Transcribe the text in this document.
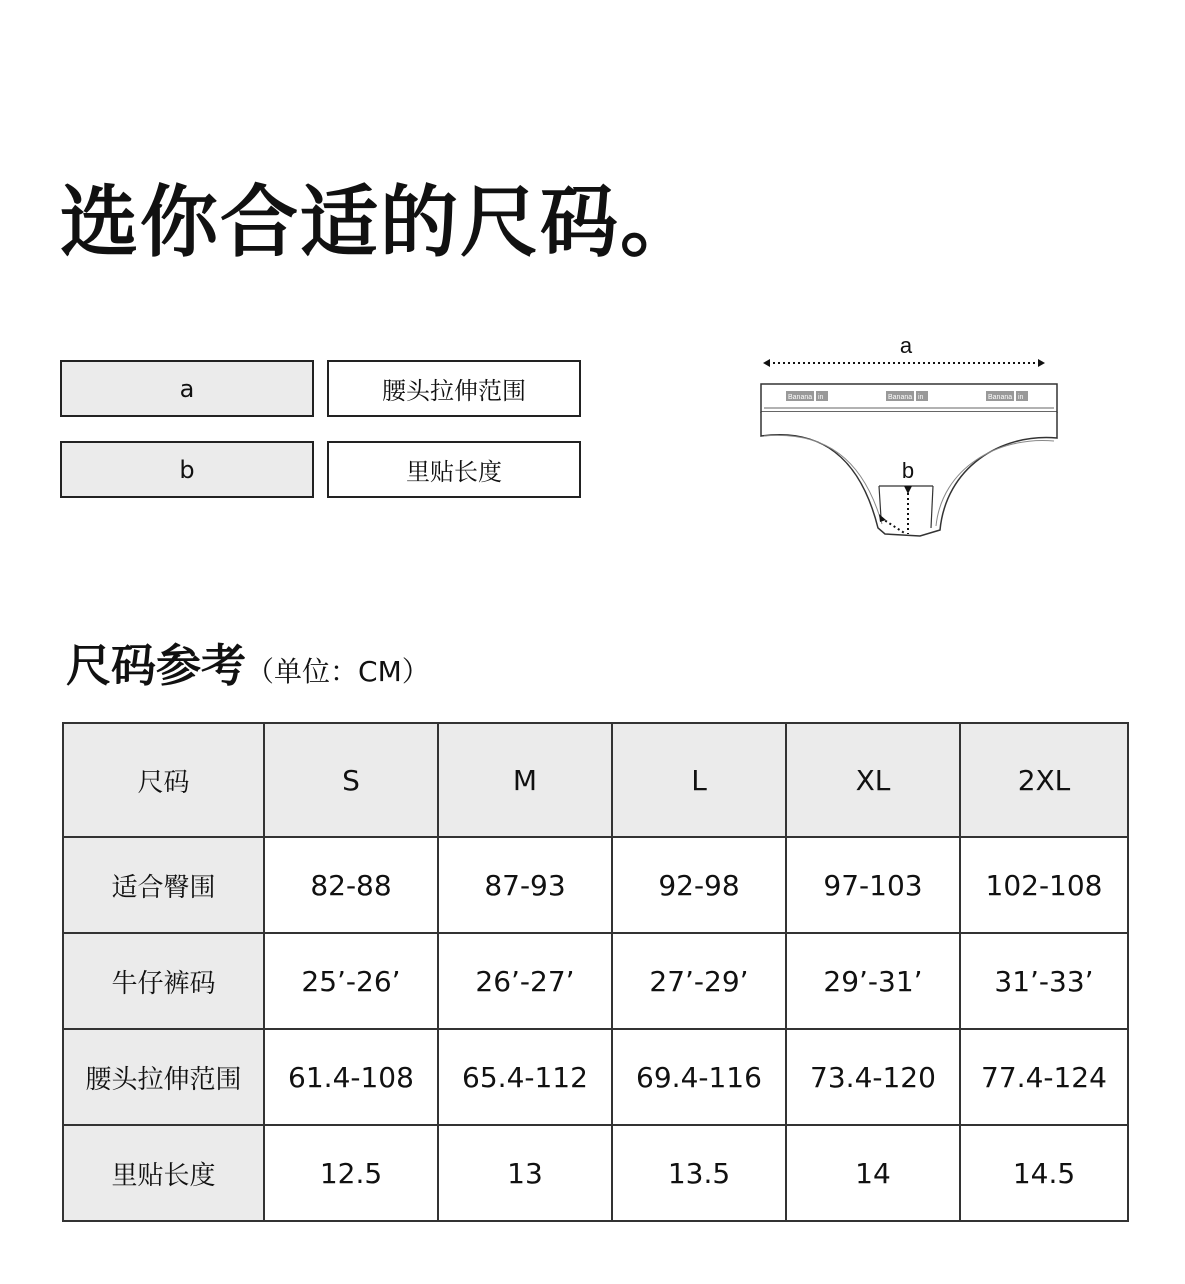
选你合适的尺码。
a	腰头拉伸范围
b	里贴长度
a
Banana in	Banana in	Banana in
b
尺码参考（单位：CM）
尺码	S	M	L	XL	2XL
适合臀围	82-88	87-93	92-98	97-103	102-108
牛仔裤码	25’-26’	26’-27’	27’-29’	29’-31’	31’-33’
腰头拉伸范围	61.4-108	65.4-112	69.4-116	73.4-120	77.4-124
里贴长度	12.5	13	13.5	14	14.5
